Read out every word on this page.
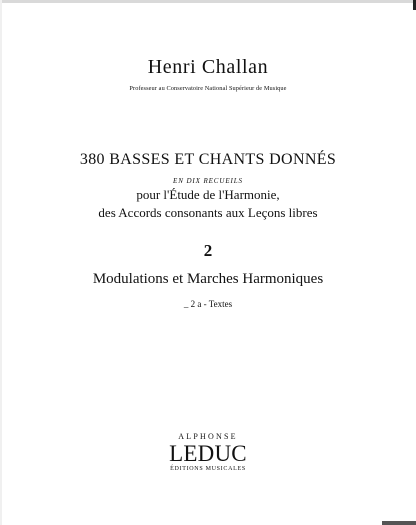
Henri Challan

Professeur au Conservatoire National Supérieur de Musique

380 BASSES ET CHANTS DONNÉS

EN DIX RECUEILS

pour l'Étude de l'Harmonie,

des Accords consonants aux Leçons libres

2

Modulations et Marches Harmoniques

_ 2 a - Textes

ALPHONSE

LEDUC

ÉDITIONS MUSICALES
